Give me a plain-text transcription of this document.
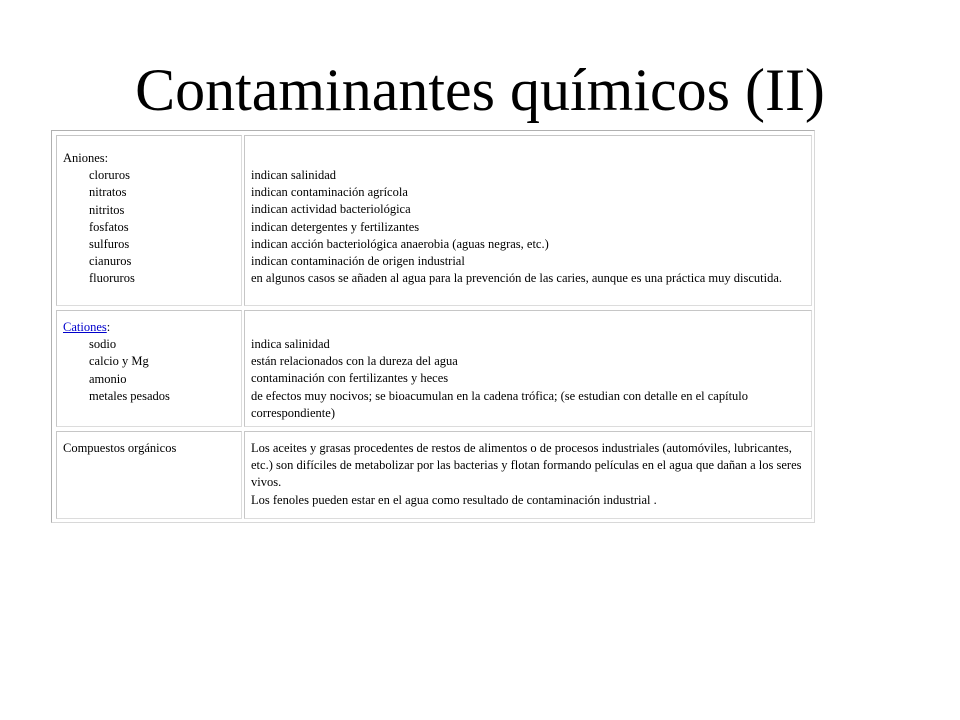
Contaminantes químicos (II)
Aniones:
cloruros
nitratos
nitritos
fosfatos
sulfuros
cianuros
fluoruros
indican salinidad
indican contaminación agrícola
indican actividad bacteriológica
indican detergentes y fertilizantes
indican acción bacteriológica anaerobia (aguas negras, etc.)
indican contaminación de origen industrial
en algunos casos se añaden al agua para la prevención de las caries, aunque es una práctica muy discutida.
Cationes:
sodio
calcio y Mg
amonio
metales pesados
indica salinidad
están relacionados con la dureza del agua
contaminación con fertilizantes y heces
de efectos muy nocivos; se bioacumulan en la cadena trófica; (se estudian con detalle en el capítulo correspondiente)
Compuestos orgánicos	Los aceites y grasas procedentes de restos de alimentos o de procesos industriales (automóviles, lubricantes, etc.) son difíciles de metabolizar por las bacterias y flotan formando películas en el agua que dañan a los seres vivos.
Los fenoles pueden estar en el agua como resultado de contaminación industrial .
